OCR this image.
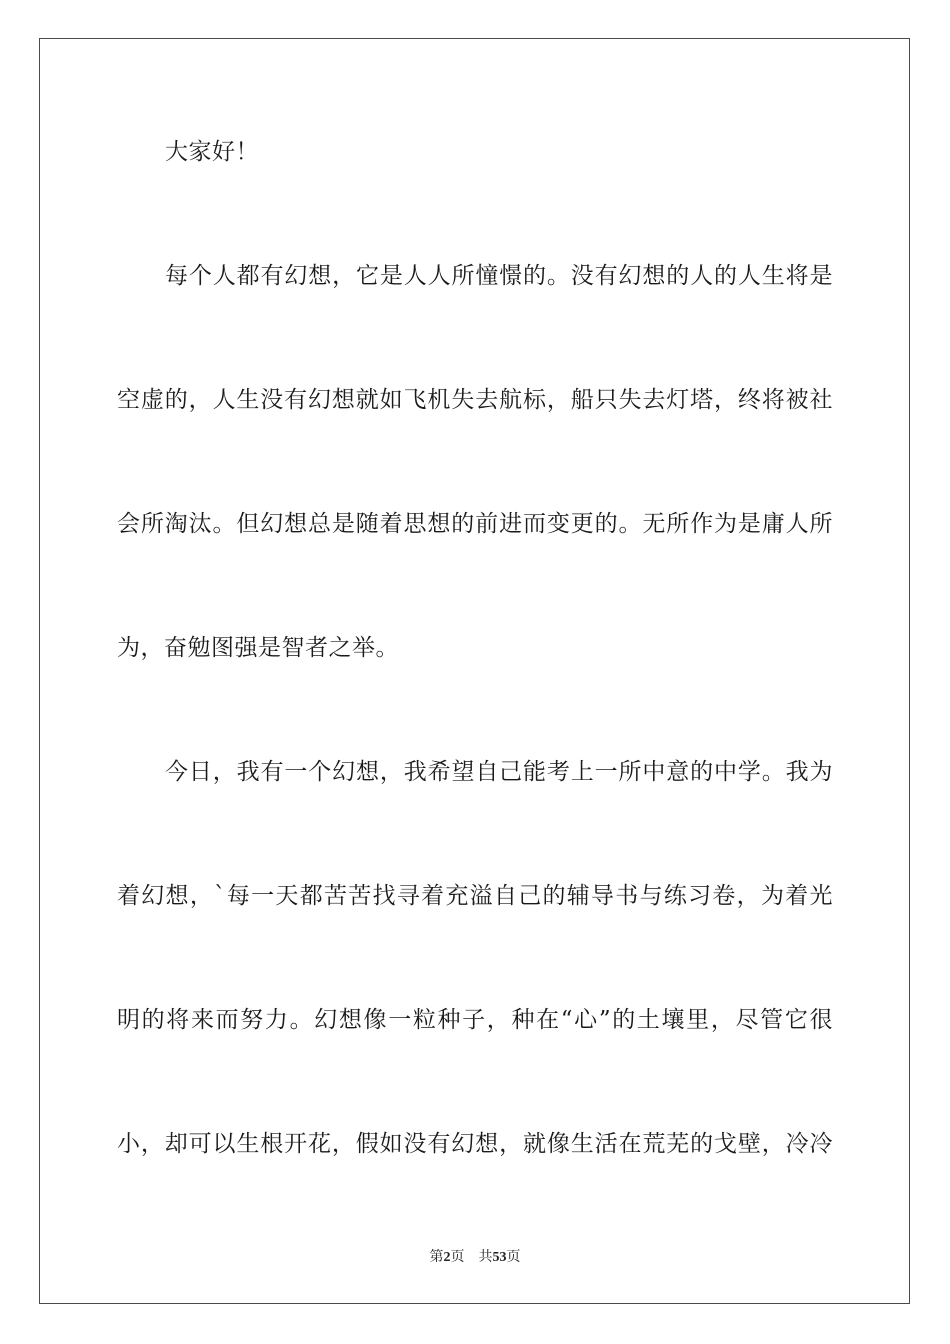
大家好！
每个人都有幻想，它是人人所憧憬的。没有幻想的人的人生将是
空虚的，人生没有幻想就如飞机失去航标，船只失去灯塔，终将被社
会所淘汰。但幻想总是随着思想的前进而变更的。无所作为是庸人所
为，奋勉图强是智者之举。
今日，我有一个幻想，我希望自己能考上一所中意的中学。我为
着幻想，`每一天都苦苦找寻着充溢自己的辅导书与练习卷，为着光
明的将来而努力。幻想像一粒种子，种在“心”的土壤里，尽管它很
小，却可以生根开花，假如没有幻想，就像生活在荒芜的戈壁，冷冷
第2页 共53页
